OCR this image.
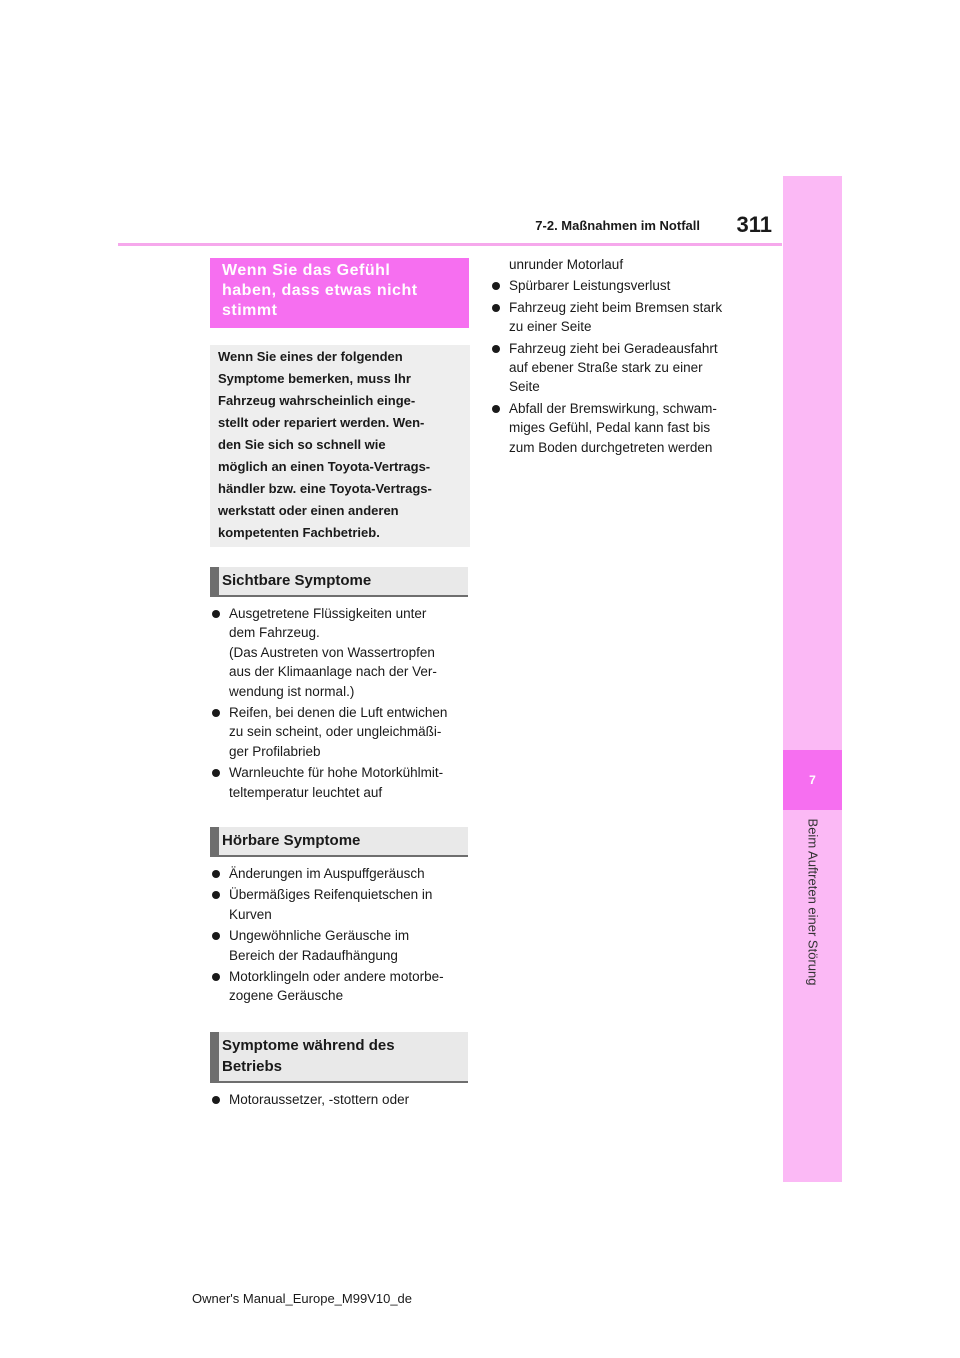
7-2. Maßnahmen im Notfall	311
7
Beim Auftreten einer Störung
Wenn Sie das Gefühl
haben, dass etwas nicht
stimmt
Wenn Sie eines der folgenden
Symptome bemerken, muss Ihr
Fahrzeug wahrscheinlich einge-
stellt oder repariert werden. Wen-
den Sie sich so schnell wie
möglich an einen Toyota-Vertrags-
händler bzw. eine Toyota-Vertrags-
werkstatt oder einen anderen
kompetenten Fachbetrieb.
Sichtbare Symptome
Ausgetretene Flüssigkeiten unter
dem Fahrzeug.
(Das Austreten von Wassertropfen
aus der Klimaanlage nach der Ver-
wendung ist normal.)
Reifen, bei denen die Luft entwichen
zu sein scheint, oder ungleichmäßi-
ger Profilabrieb
Warnleuchte für hohe Motorkühlmit-
teltemperatur leuchtet auf
Hörbare Symptome
Änderungen im Auspuffgeräusch
Übermäßiges Reifenquietschen in
Kurven
Ungewöhnliche Geräusche im
Bereich der Radaufhängung
Motorklingeln oder andere motorbe-
zogene Geräusche
Symptome während des
Betriebs
Motoraussetzer, -stottern oder
unrunder Motorlauf
Spürbarer Leistungsverlust
Fahrzeug zieht beim Bremsen stark
zu einer Seite
Fahrzeug zieht bei Geradeausfahrt
auf ebener Straße stark zu einer
Seite
Abfall der Bremswirkung, schwam-
miges Gefühl, Pedal kann fast bis
zum Boden durchgetreten werden
Owner's Manual_Europe_M99V10_de
